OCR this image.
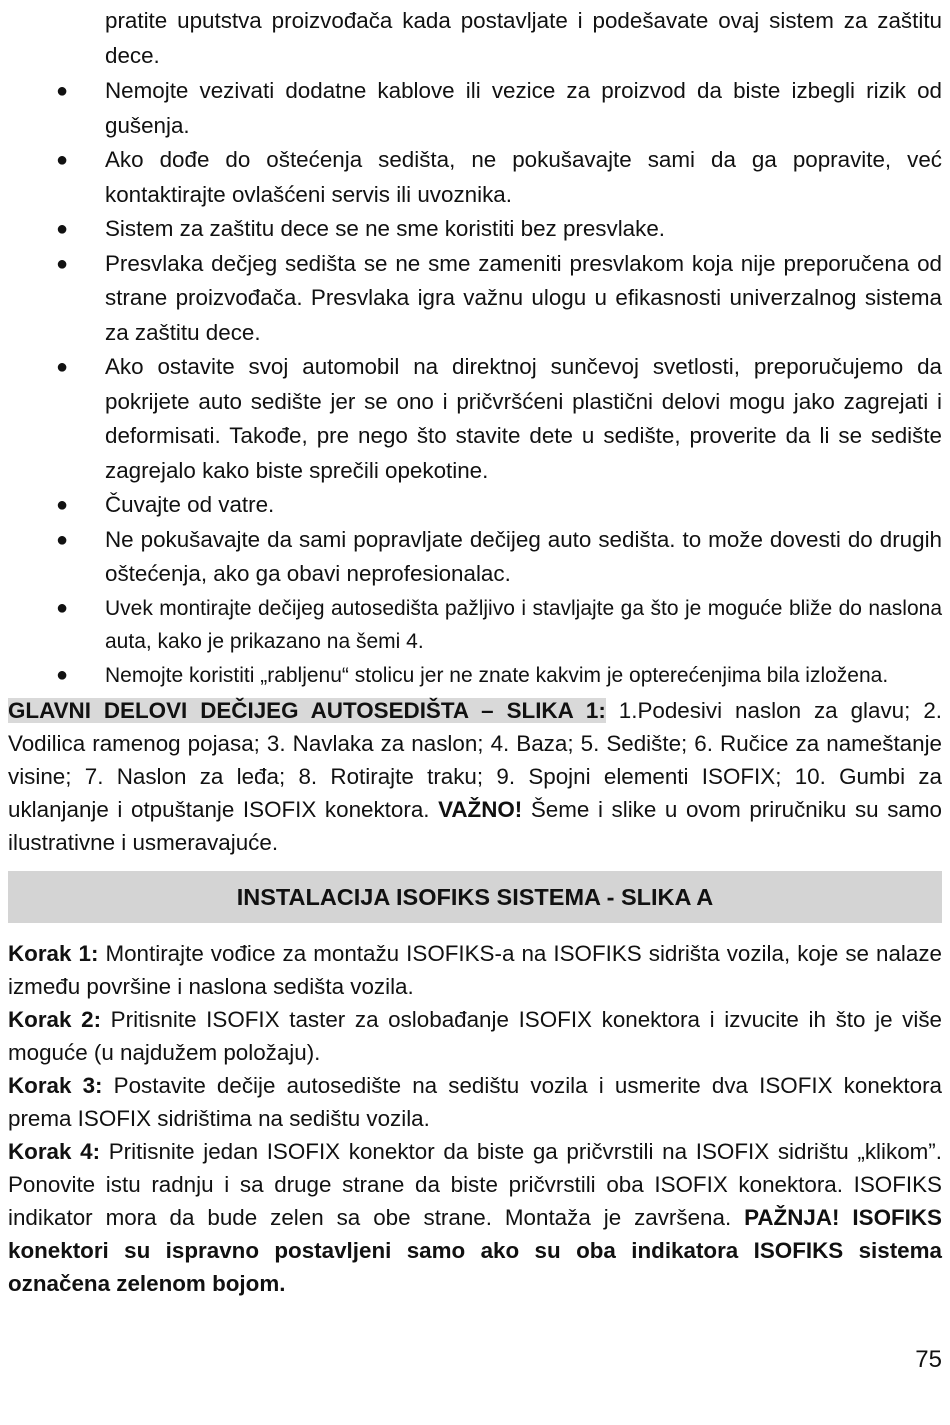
pratite uputstva proizvođača kada postavljate i podešavate ovaj sistem za zaštitu dece.
● Nemojte vezivati dodatne kablove ili vezice za proizvod da biste izbegli rizik od gušenja.
● Ako dođe do oštećenja sedišta, ne pokušavajte sami da ga popravite, već kontaktirajte ovlašćeni servis ili uvoznika.
● Sistem za zaštitu dece se ne sme koristiti bez presvlake.
● Presvlaka dečjeg sedišta se ne sme zameniti presvlakom koja nije preporučena od strane proizvođača. Presvlaka igra važnu ulogu u efikasnosti univerzalnog sistema za zaštitu dece.
● Ako ostavite svoj automobil na direktnoj sunčevoj svetlosti, preporučujemo da pokrijete auto sedište jer se ono i pričvršćeni plastični delovi mogu jako zagrejati i deformisati. Takođe, pre nego što stavite dete u sedište, proverite da li se sedište zagrejalo kako biste sprečili opekotine.
● Čuvajte od vatre.
● Ne pokušavajte da sami popravljate dečijeg auto sedišta. to može dovesti do drugih oštećenja, ako ga obavi neprofesionalac.
● Uvek montirajte dečijeg autosedišta pažljivo i stavljajte ga što je moguće bliže do naslona auta, kako je prikazano na šemi 4.
● Nemojte koristiti „rabljenu“ stolicu jer ne znate kakvim je opterećenjima bila izložena.
GLAVNI DELOVI DEČIJEG AUTOSEDIŠTA – SLIKA 1: 1.Podesivi naslon za glavu; 2. Vodilica ramenog pojasa; 3. Navlaka za naslon; 4. Baza; 5. Sedište; 6. Ručice za nameštanje visine; 7. Naslon za leđa; 8. Rotirajte traku; 9. Spojni elementi ISOFIX; 10. Gumbi za uklanjanje i otpuštanje ISOFIX konektora. VAŽNO! Šeme i slike u ovom priručniku su samo ilustrativne i usmeravajuće.
INSTALACIJA ISOFIKS SISTEMA - SLIKA A

Korak 1: Montirajte vođice za montažu ISOFIKS-a na ISOFIKS sidrišta vozila, koje se nalaze između površine i naslona sedišta vozila.

Korak 2: Pritisnite ISOFIX taster za oslobađanje ISOFIX konektora i izvucite ih što je više moguće (u najdužem položaju).

Korak 3: Postavite dečije autosedište na sedištu vozila i usmerite dva ISOFIX konektora prema ISOFIX sidrištima na sedištu vozila.

Korak 4: Pritisnite jedan ISOFIX konektor da biste ga pričvrstili na ISOFIX sidrištu „klikom”. Ponovite istu radnju i sa druge strane da biste pričvrstili oba ISOFIX konektora. ISOFIKS indikator mora da bude zelen sa obe strane. Montaža je završena. PAŽNJA! ISOFIKS konektori su ispravno postavljeni samo ako su oba indikatora ISOFIKS sistema označena zelenom bojom.

75
